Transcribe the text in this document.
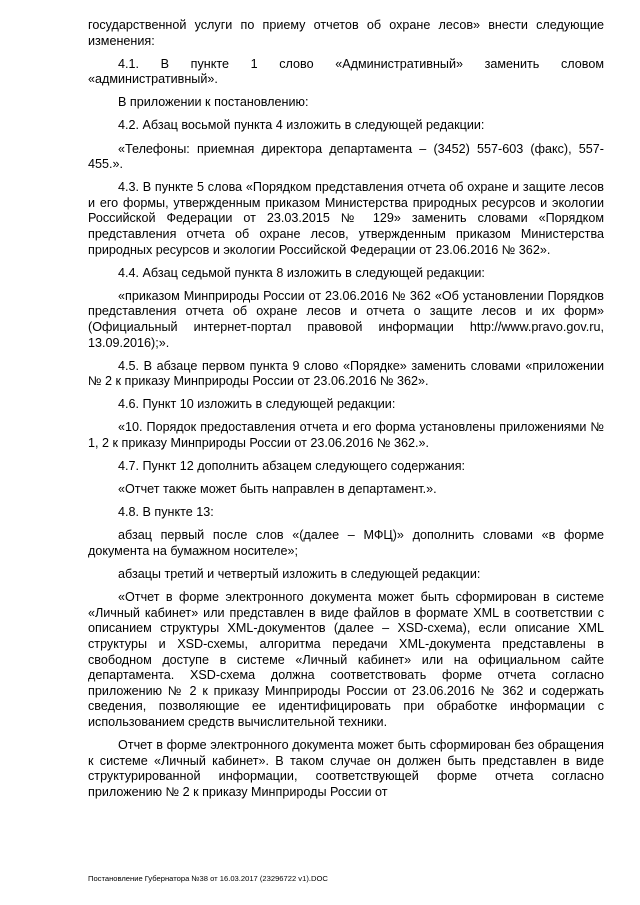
государственной услуги по приему отчетов об охране лесов» внести следующие изменения:

4.1. В пункте 1 слово «Административный» заменить словом «административный».

В приложении к постановлению:

4.2. Абзац восьмой пункта 4 изложить в следующей редакции:

«Телефоны: приемная директора департамента – (3452) 557-603 (факс), 557-455.».

4.3. В пункте 5 слова «Порядком представления отчета об охране и защите лесов и его формы, утвержденным приказом Министерства природных ресурсов и экологии Российской Федерации от 23.03.2015 № 129» заменить словами «Порядком представления отчета об охране лесов, утвержденным приказом Министерства природных ресурсов и экологии Российской Федерации от 23.06.2016 № 362».

4.4. Абзац седьмой пункта 8 изложить в следующей редакции:

«приказом Минприроды России от 23.06.2016 № 362 «Об установлении Порядков представления отчета об охране лесов и отчета о защите лесов и их форм» (Официальный интернет-портал правовой информации http://www.pravo.gov.ru, 13.09.2016);».

4.5. В абзаце первом пункта 9 слово «Порядке» заменить словами «приложении № 2 к приказу Минприроды России от 23.06.2016 № 362».

4.6. Пункт 10 изложить в следующей редакции:

«10. Порядок предоставления отчета и его форма установлены приложениями № 1, 2 к приказу Минприроды России от 23.06.2016 № 362.».

4.7. Пункт 12 дополнить абзацем следующего содержания:

«Отчет также может быть направлен в департамент.».

4.8. В пункте 13:

абзац первый после слов «(далее – МФЦ)» дополнить словами «в форме документа на бумажном носителе»;

абзацы третий и четвертый изложить в следующей редакции:

«Отчет в форме электронного документа может быть сформирован в системе «Личный кабинет» или представлен в виде файлов в формате XML в соответствии с описанием структуры XML-документов (далее – XSD-схема), если описание XML структуры и XSD-схемы, алгоритма передачи XML-документа представлены в свободном доступе в системе «Личный кабинет» или на официальном сайте департамента. XSD-схема должна соответствовать форме отчета согласно приложению № 2 к приказу Минприроды России от 23.06.2016 № 362 и содержать сведения, позволяющие ее идентифицировать при обработке информации с использованием средств вычислительной техники.

Отчет в форме электронного документа может быть сформирован без обращения к системе «Личный кабинет». В таком случае он должен быть представлен в виде структурированной информации, соответствующей форме отчета согласно приложению № 2 к приказу Минприроды России от

Постановление Губернатора №38 от 16.03.2017 (23296722 v1).DOC
